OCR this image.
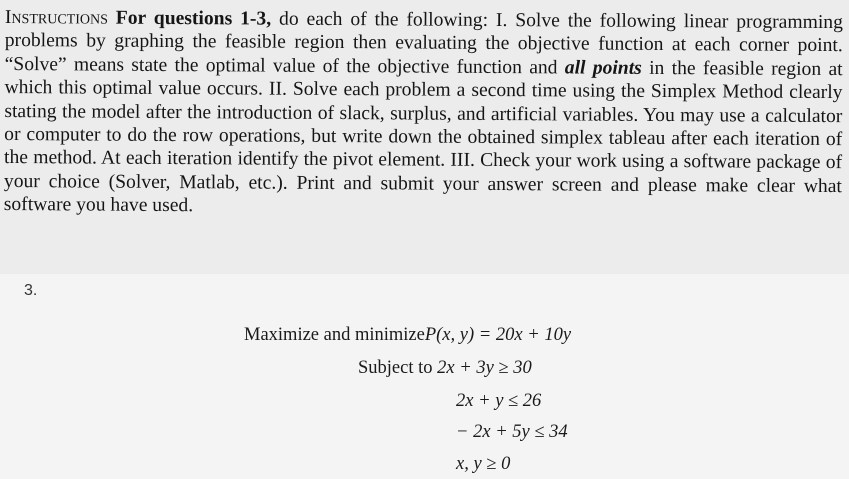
Instructions For questions 1-3, do each of the following: I. Solve the following linear programming problems by graphing the feasible region then evaluating the objective function at each corner point. “Solve” means state the optimal value of the objective function and all points in the feasible region at which this optimal value occurs. II. Solve each problem a second time using the Simplex Method clearly stating the model after the introduction of slack, surplus, and artificial variables. You may use a calculator or computer to do the row operations, but write down the obtained simplex tableau after each iteration of the method. At each iteration identify the pivot element. III. Check your work using a software package of your choice (Solver, Matlab, etc.). Print and submit your answer screen and please make clear what software you have used.

3.
Maximize and minimizeP(x, y) = 20x + 10y
Subject to 2x + 3y ≥ 30
2x + y ≤ 26
− 2x + 5y ≤ 34
x, y ≥ 0
